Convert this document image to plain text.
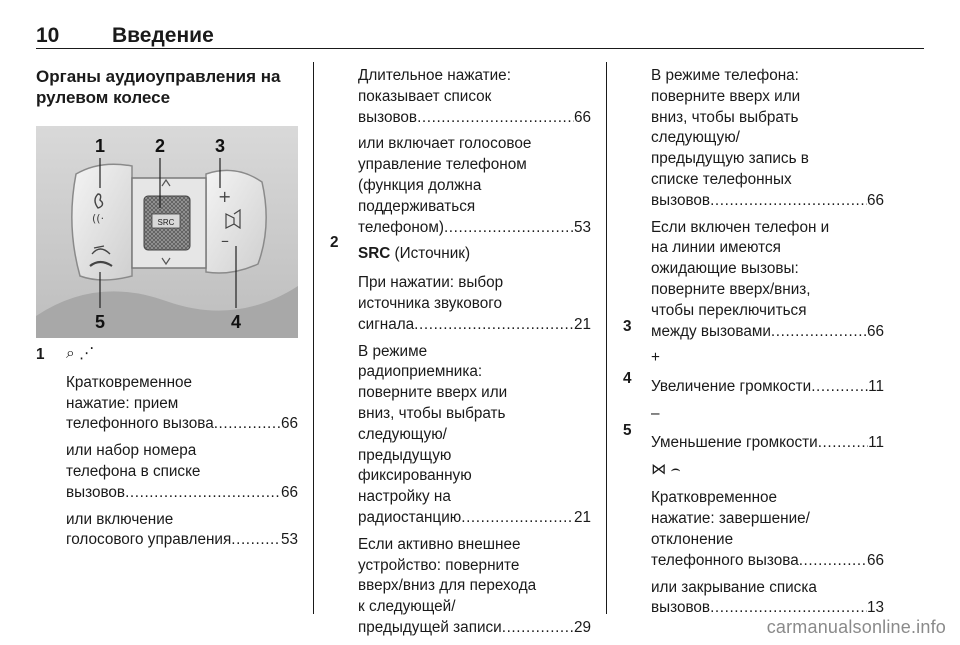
10	Введение
Органы аудиоуправления на
рулевом колесе
SRC
((·
+
–
1	2	3
4
5
1 ⌕ ⋰

Кратковременное
нажатие: прием
телефонного вызова .....	66

или набор номера
телефона в списке
вызовов .....	66

или включение
голосового управления .....	53

Длительное нажатие:
показывает список
вызовов .....	66

или включает голосовое
управление телефоном
(функция должна
поддерживаться
телефоном) .....	53

SRC (Источник)

При нажатии: выбор
источника звукового
сигнала .....	21

В режиме
радиоприемника:
поверните вверх или
вниз, чтобы выбрать
следующую/
предыдущую
фиксированную
настройку на
радиостанцию .....	21

Если активно внешнее
устройство: поверните
вверх/вниз для перехода
к следующей/
предыдущей записи .....	29

2

В режиме телефона:
поверните вверх или
вниз, чтобы выбрать
следующую/
предыдущую запись в
списке телефонных
вызовов .....	66

Если включен телефон и
на линии имеются
ожидающие вызовы:
поверните вверх/вниз,
чтобы переключиться
между вызовами .....	66

+

Увеличение громкости .....	11

–

Уменьшение громкости .....	11

⋈ ⌢

Кратковременное
нажатие: завершение/
отклонение
телефонного вызова .....	66

или закрывание списка
вызовов .....	13

3
4
5
carmanualsonline.info
